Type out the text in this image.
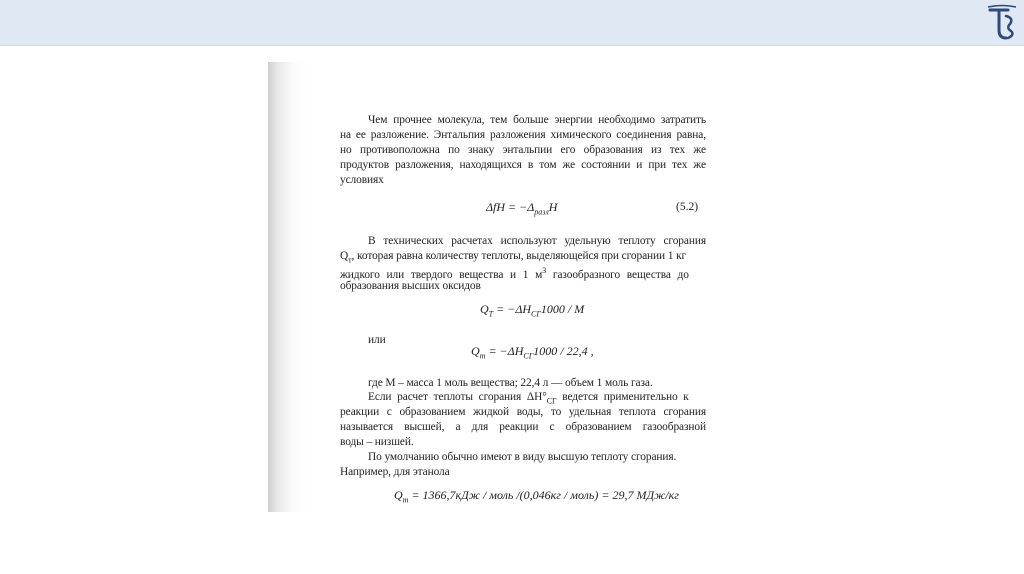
Чем прочнее молекула, тем больше энергии необходимо затратить
на ее разложение. Энтальпия разложения химического соединения равна,
но противоположна по знаку энтальпии его образования из тех же
продуктов разложения, находящихся в том же состоянии и при тех же
условиях
$\Delta fH = -\Delta_{разл}H$	(5.2)
В технических расчетах используют удельную теплоту сгорания
$Q_т$, которая равна количеству теплоты, выделяющейся при сгорании 1 кг
жидкого или твердого вещества и 1 $м^3$ газообразного вещества до
образования высших оксидов
$Q_T = -\Delta H_{СГ}1000 / M$
или
$Q_т = -\Delta H_{СГ}1000 / 22,4$ ,
где М – масса 1 моль вещества; 22,4 л — объем 1 моль газа.
Если расчет теплоты сгорания $\Delta H^\circ_{СГ}$ ведется применительно к
реакции с образованием жидкой воды, то удельная теплота сгорания
называется высшей, а для реакции с образованием газообразной
воды – низшей.
По умолчанию обычно имеют в виду высшую теплоту сгорания.
Например, для этанола
$Q_т = 1366,7кДж$ / моль /(0,046кг / моль) = 29,7 МДж/кг
